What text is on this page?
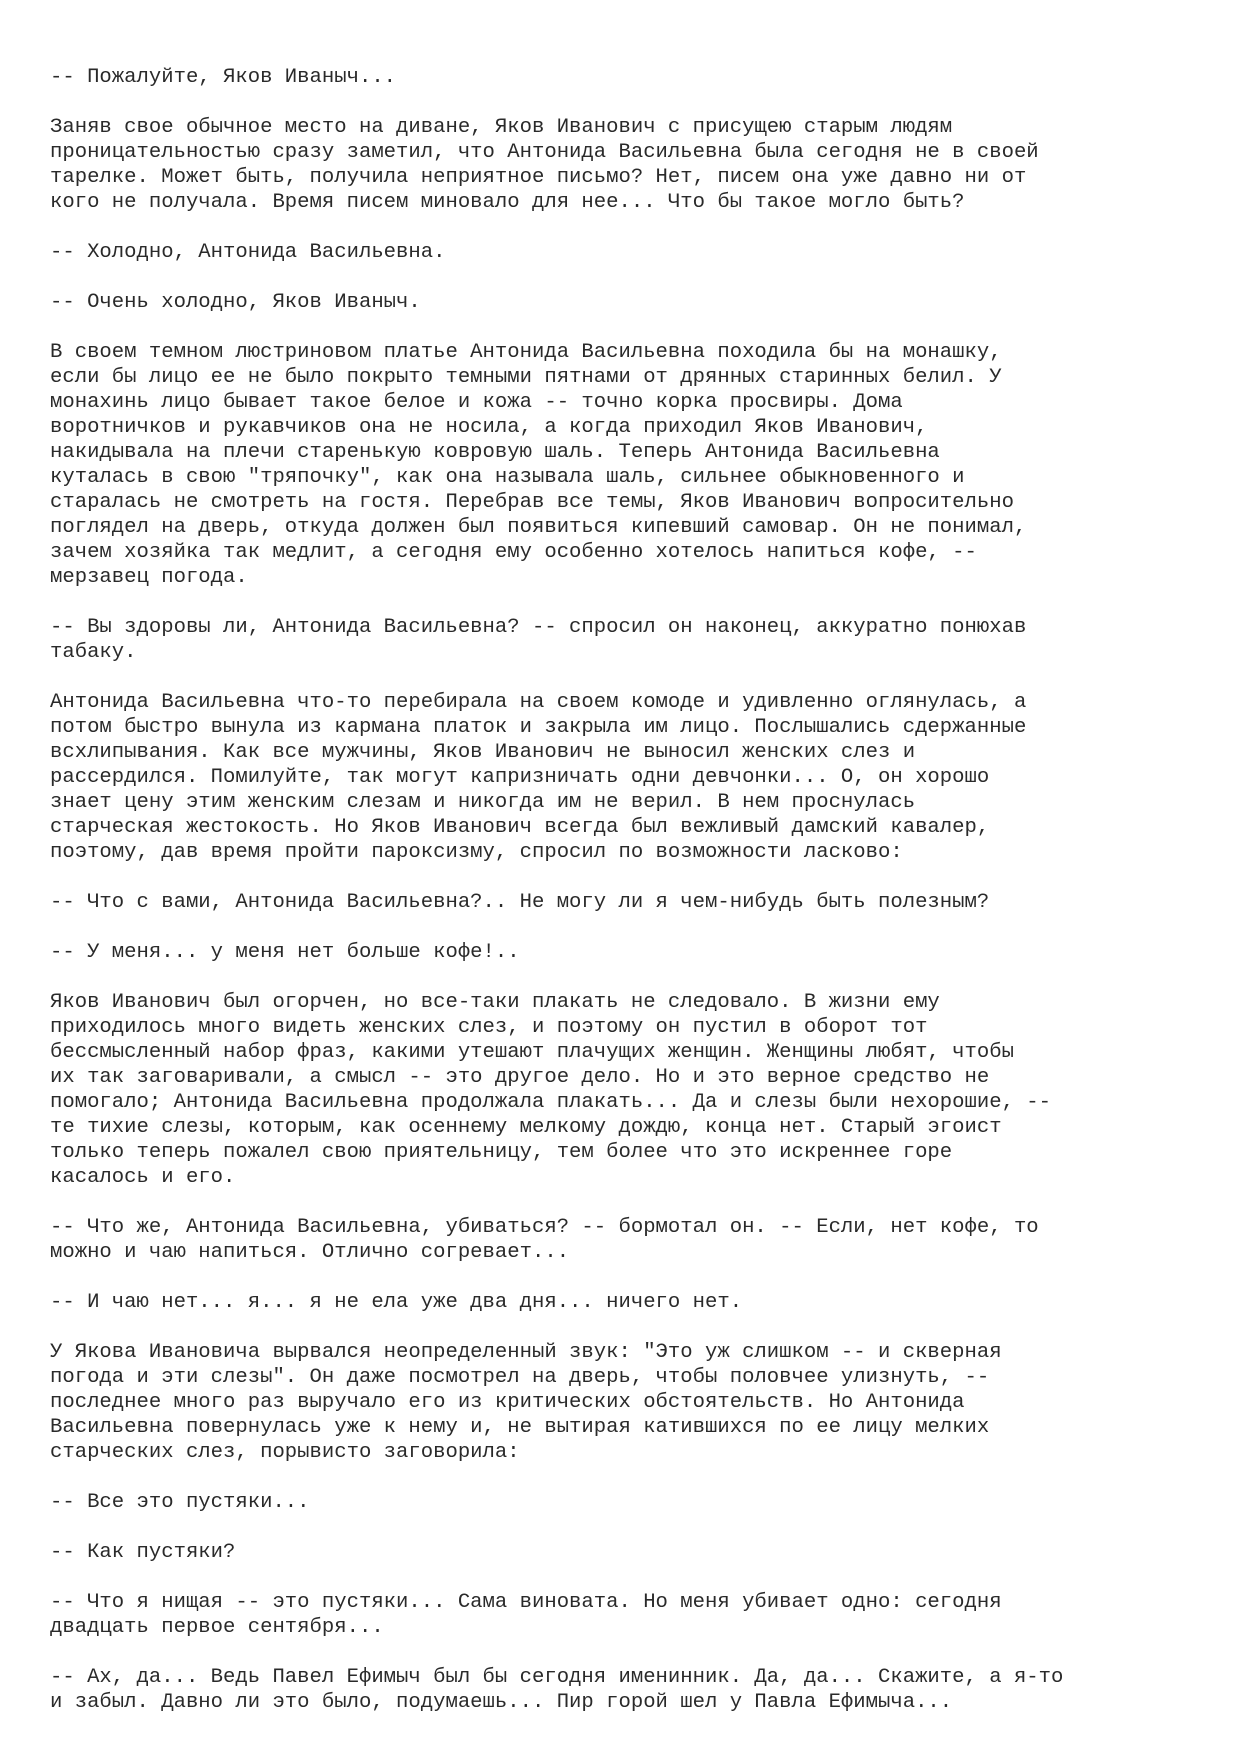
-- Пожалуйте, Яков Иваныч...
Заняв свое обычное место на диване, Яков Иванович с присущею старым людям
проницательностью сразу заметил, что Антонида Васильевна была сегодня не в своей
тарелке. Может быть, получила неприятное письмо? Нет, писем она уже давно ни от
кого не получала. Время писем миновало для нее... Что бы такое могло быть?
-- Холодно, Антонида Васильевна.
-- Очень холодно, Яков Иваныч.
В своем темном люстриновом платье Антонида Васильевна походила бы на монашку,
если бы лицо ее не было покрыто темными пятнами от дрянных старинных белил. У
монахинь лицо бывает такое белое и кожа -- точно корка просвиры. Дома
воротничков и рукавчиков она не носила, а когда приходил Яков Иванович,
накидывала на плечи старенькую ковровую шаль. Теперь Антонида Васильевна
куталась в свою "тряпочку", как она называла шаль, сильнее обыкновенного и
старалась не смотреть на гостя. Перебрав все темы, Яков Иванович вопросительно
поглядел на дверь, откуда должен был появиться кипевший самовар. Он не понимал,
зачем хозяйка так медлит, а сегодня ему особенно хотелось напиться кофе, --
мерзавец погода.
-- Вы здоровы ли, Антонида Васильевна? -- спросил он наконец, аккуратно понюхав
табаку.
Антонида Васильевна что-то перебирала на своем комоде и удивленно оглянулась, а
потом быстро вынула из кармана платок и закрыла им лицо. Послышались сдержанные
всхлипывания. Как все мужчины, Яков Иванович не выносил женских слез и
рассердился. Помилуйте, так могут капризничать одни девчонки... О, он хорошо
знает цену этим женским слезам и никогда им не верил. В нем проснулась
старческая жестокость. Но Яков Иванович всегда был вежливый дамский кавалер,
поэтому, дав время пройти пароксизму, спросил по возможности ласково:
-- Что с вами, Антонида Васильевна?.. Не могу ли я чем-нибудь быть полезным?
-- У меня... у меня нет больше кофе!..
Яков Иванович был огорчен, но все-таки плакать не следовало. В жизни ему
приходилось много видеть женских слез, и поэтому он пустил в оборот тот
бессмысленный набор фраз, какими утешают плачущих женщин. Женщины любят, чтобы
их так заговаривали, а смысл -- это другое дело. Но и это верное средство не
помогало; Антонида Васильевна продолжала плакать... Да и слезы были нехорошие, --
те тихие слезы, которым, как осеннему мелкому дождю, конца нет. Старый эгоист
только теперь пожалел свою приятельницу, тем более что это искреннее горе
касалось и его.
-- Что же, Антонида Васильевна, убиваться? -- бормотал он. -- Если, нет кофе, то
можно и чаю напиться. Отлично согревает...
-- И чаю нет... я... я не ела уже два дня... ничего нет.
У Якова Ивановича вырвался неопределенный звук: "Это уж слишком -- и скверная
погода и эти слезы". Он даже посмотрел на дверь, чтобы половчее улизнуть, --
последнее много раз выручало его из критических обстоятельств. Но Антонида
Васильевна повернулась уже к нему и, не вытирая катившихся по ее лицу мелких
старческих слез, порывисто заговорила:
-- Все это пустяки...
-- Как пустяки?
-- Что я нищая -- это пустяки... Сама виновата. Но меня убивает одно: сегодня
двадцать первое сентября...
-- Ах, да... Ведь Павел Ефимыч был бы сегодня именинник. Да, да... Скажите, а я-то
и забыл. Давно ли это было, подумаешь... Пир горой шел у Павла Ефимыча...
